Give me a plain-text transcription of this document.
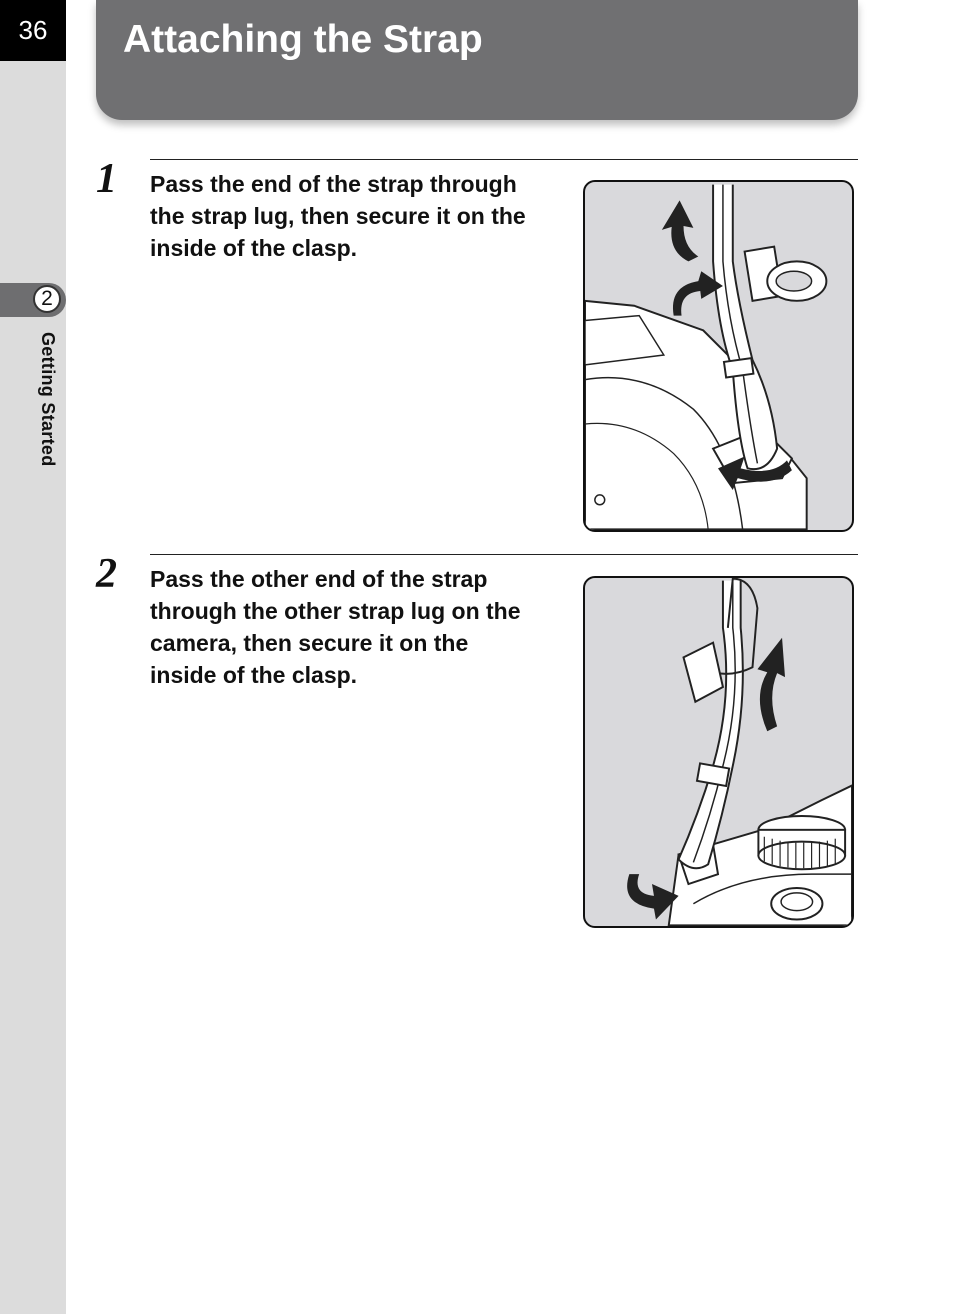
36
2
Getting Started
Attaching the Strap
1 Pass the end of the strap through the strap lug, then secure it on the inside of the clasp.

2 Pass the other end of the strap through the other strap lug on the camera, then secure it on the inside of the clasp.
